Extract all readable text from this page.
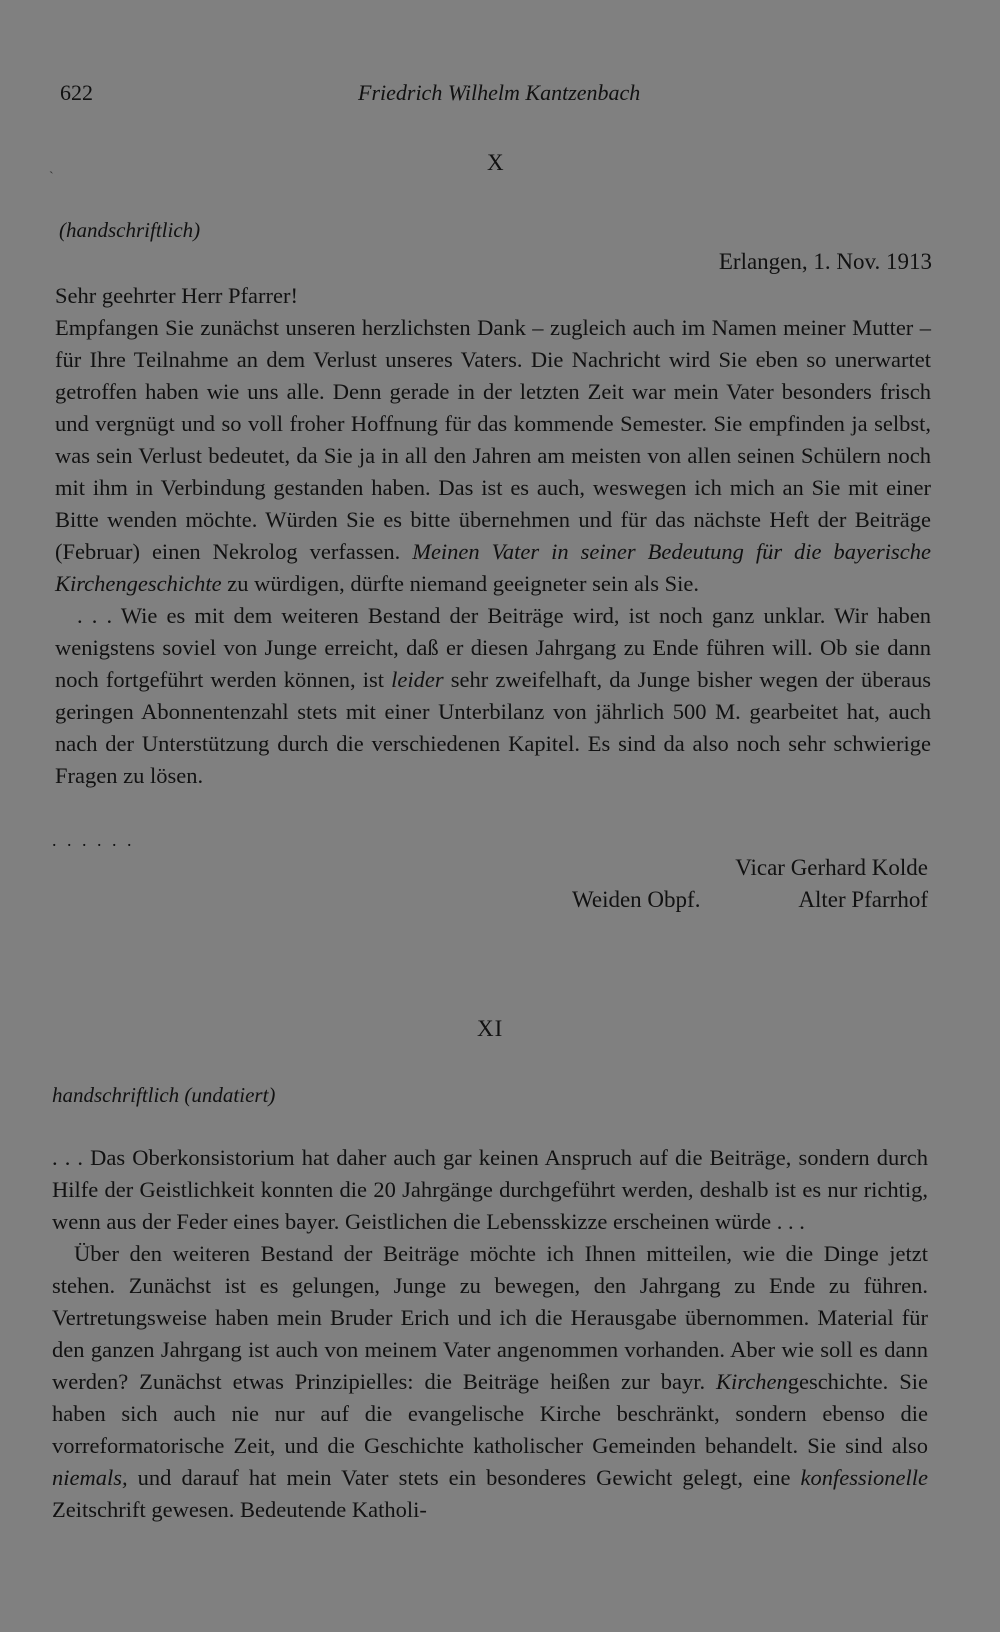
622	Friedrich Wilhelm Kantzenbach
`
X
(handschriftlich)
Erlangen, 1. Nov. 1913

Sehr geehrter Herr Pfarrer!

Empfangen Sie zunächst unseren herzlichsten Dank – zugleich auch im Namen meiner Mutter – für Ihre Teilnahme an dem Verlust unseres Vaters. Die Nachricht wird Sie eben so unerwartet getroffen haben wie uns alle. Denn gerade in der letzten Zeit war mein Vater besonders frisch und vergnügt und so voll froher Hoffnung für das kommende Semester. Sie empfinden ja selbst, was sein Verlust bedeutet, da Sie ja in all den Jahren am meisten von allen seinen Schülern noch mit ihm in Verbindung gestanden haben. Das ist es auch, weswegen ich mich an Sie mit einer Bitte wenden möchte. Würden Sie es bitte übernehmen und für das nächste Heft der Beiträge (Februar) einen Nekrolog verfassen. Meinen Vater in seiner Bedeutung für die bayerische Kirchengeschichte zu würdigen, dürfte niemand geeigneter sein als Sie.

. . . Wie es mit dem weiteren Bestand der Beiträge wird, ist noch ganz unklar. Wir haben wenigstens soviel von Junge erreicht, daß er diesen Jahrgang zu Ende führen will. Ob sie dann noch fortgeführt werden können, ist leider sehr zweifelhaft, da Junge bisher wegen der überaus geringen Abonnentenzahl stets mit einer Unterbilanz von jährlich 500 M. gearbeitet hat, auch nach der Unterstützung durch die verschiedenen Kapitel. Es sind da also noch sehr schwierige Fragen zu lösen.

. . . . . .
Vicar Gerhard Kolde
Weiden Obpf.	Alter Pfarrhof
XI
handschriftlich (undatiert)

. . . Das Oberkonsistorium hat daher auch gar keinen Anspruch auf die Beiträge, sondern durch Hilfe der Geistlichkeit konnten die 20 Jahrgänge durchgeführt werden, deshalb ist es nur richtig, wenn aus der Feder eines bayer. Geistlichen die Lebensskizze erscheinen würde . . .

Über den weiteren Bestand der Beiträge möchte ich Ihnen mitteilen, wie die Dinge jetzt stehen. Zunächst ist es gelungen, Junge zu bewegen, den Jahrgang zu Ende zu führen. Vertretungsweise haben mein Bruder Erich und ich die Herausgabe übernommen. Material für den ganzen Jahrgang ist auch von meinem Vater angenommen vorhanden. Aber wie soll es dann werden? Zunächst etwas Prinzipielles: die Beiträge heißen zur bayr. Kirchengeschichte. Sie haben sich auch nie nur auf die evangelische Kirche beschränkt, sondern ebenso die vorreformatorische Zeit, und die Geschichte katholischer Gemeinden behandelt. Sie sind also niemals, und darauf hat mein Vater stets ein besonderes Gewicht gelegt, eine konfessionelle Zeitschrift gewesen. Bedeutende Katholi-
